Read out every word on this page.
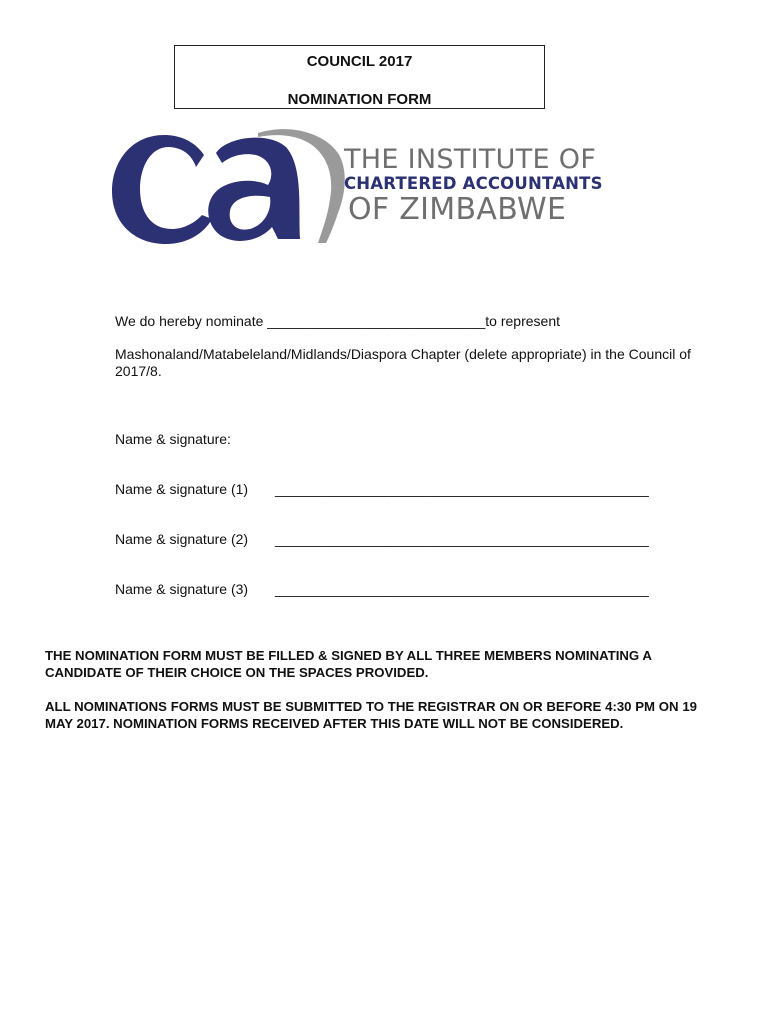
COUNCIL 2017
NOMINATION FORM
THE INSTITUTE OF
CHARTERED ACCOUNTANTS
OF ZIMBABWE
We do hereby nominate ____________________________to represent
Mashonaland/Matabeleland/Midlands/Diaspora Chapter (delete appropriate) in the Council of 2017/8.
Name & signature:
Name & signature (1) ________________________________________________
Name & signature (2) ________________________________________________
Name & signature (3) ________________________________________________
THE NOMINATION FORM MUST BE FILLED & SIGNED BY ALL THREE MEMBERS NOMINATING A CANDIDATE OF THEIR CHOICE ON THE SPACES PROVIDED.
ALL NOMINATIONS FORMS MUST BE SUBMITTED TO THE REGISTRAR ON OR BEFORE 4:30 PM ON 19 MAY 2017. NOMINATION FORMS RECEIVED AFTER THIS DATE WILL NOT BE CONSIDERED.
